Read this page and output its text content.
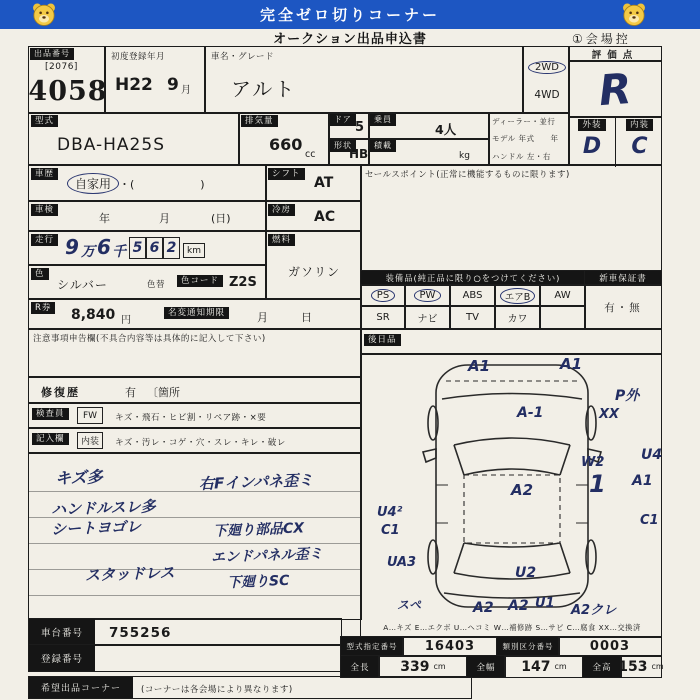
完全ゼロ切りコーナー
オークション出品申込書	①会場控
出品番号
[2076]
4058
初度登録年月
H22 9 月
車名・グレード
アルト
2WD
4WD
評価点
R
型式
DBA-HA25S
排気量
660
cc
ドア
5
形状
HB
乗員
4人
積載
kg
ディーラー・並行
モデル 年式　　年
ハンドル 左・右
外装
D
内装
C
車歴
自家用 ・(　　　　　　)
シフト
AT
車検
年	月	(日)
冷房 AC
走行 9 万 6 千 5 6 2 km
燃料
ガソリン
色
シルバー	色替	色コード Z2S
R券 8,840 円
名変通知期限	月	日
注意事項申告欄(不具合内容等は具体的に記入して下さい)
修復歴	有 〔箇所
検査員	FW キズ・飛石・ヒビ割・リペア跡・×要
記入欄	内装 キズ・汚レ・コゲ・穴・スレ・キレ・破レ
キズ多
ハンドルスレ多
シートヨゴレ
スタッドレス
右Fインパネ歪ミ
下廻り部品CX
エンドパネル歪ミ
下廻りSC
セールスポイント(正常に機能するものに限ります)
装備品(純正品に限り○をつけてください)	新車保証書
PS	PW	ABS	エアB	AW
SR	ナビ	TV	カワ
有・無
後日品
A…キズ E…エクボ U…ヘコミ W…補修跡 S…サビ C…腐食 XX…交換済
A1	A1
P外
XX
A-1
U4
W2
A1
A2 1
U4²
C1
C1
UA3
U2
スペ	A2 A2 U1 A2クレ
車台番号 755256
登録番号
希望出品コーナー (コーナーは各会場により異なります)
型式指定番号 16403	類別区分番号	0003
全長 339 cm	全幅 147 cm	全高 153 cm
